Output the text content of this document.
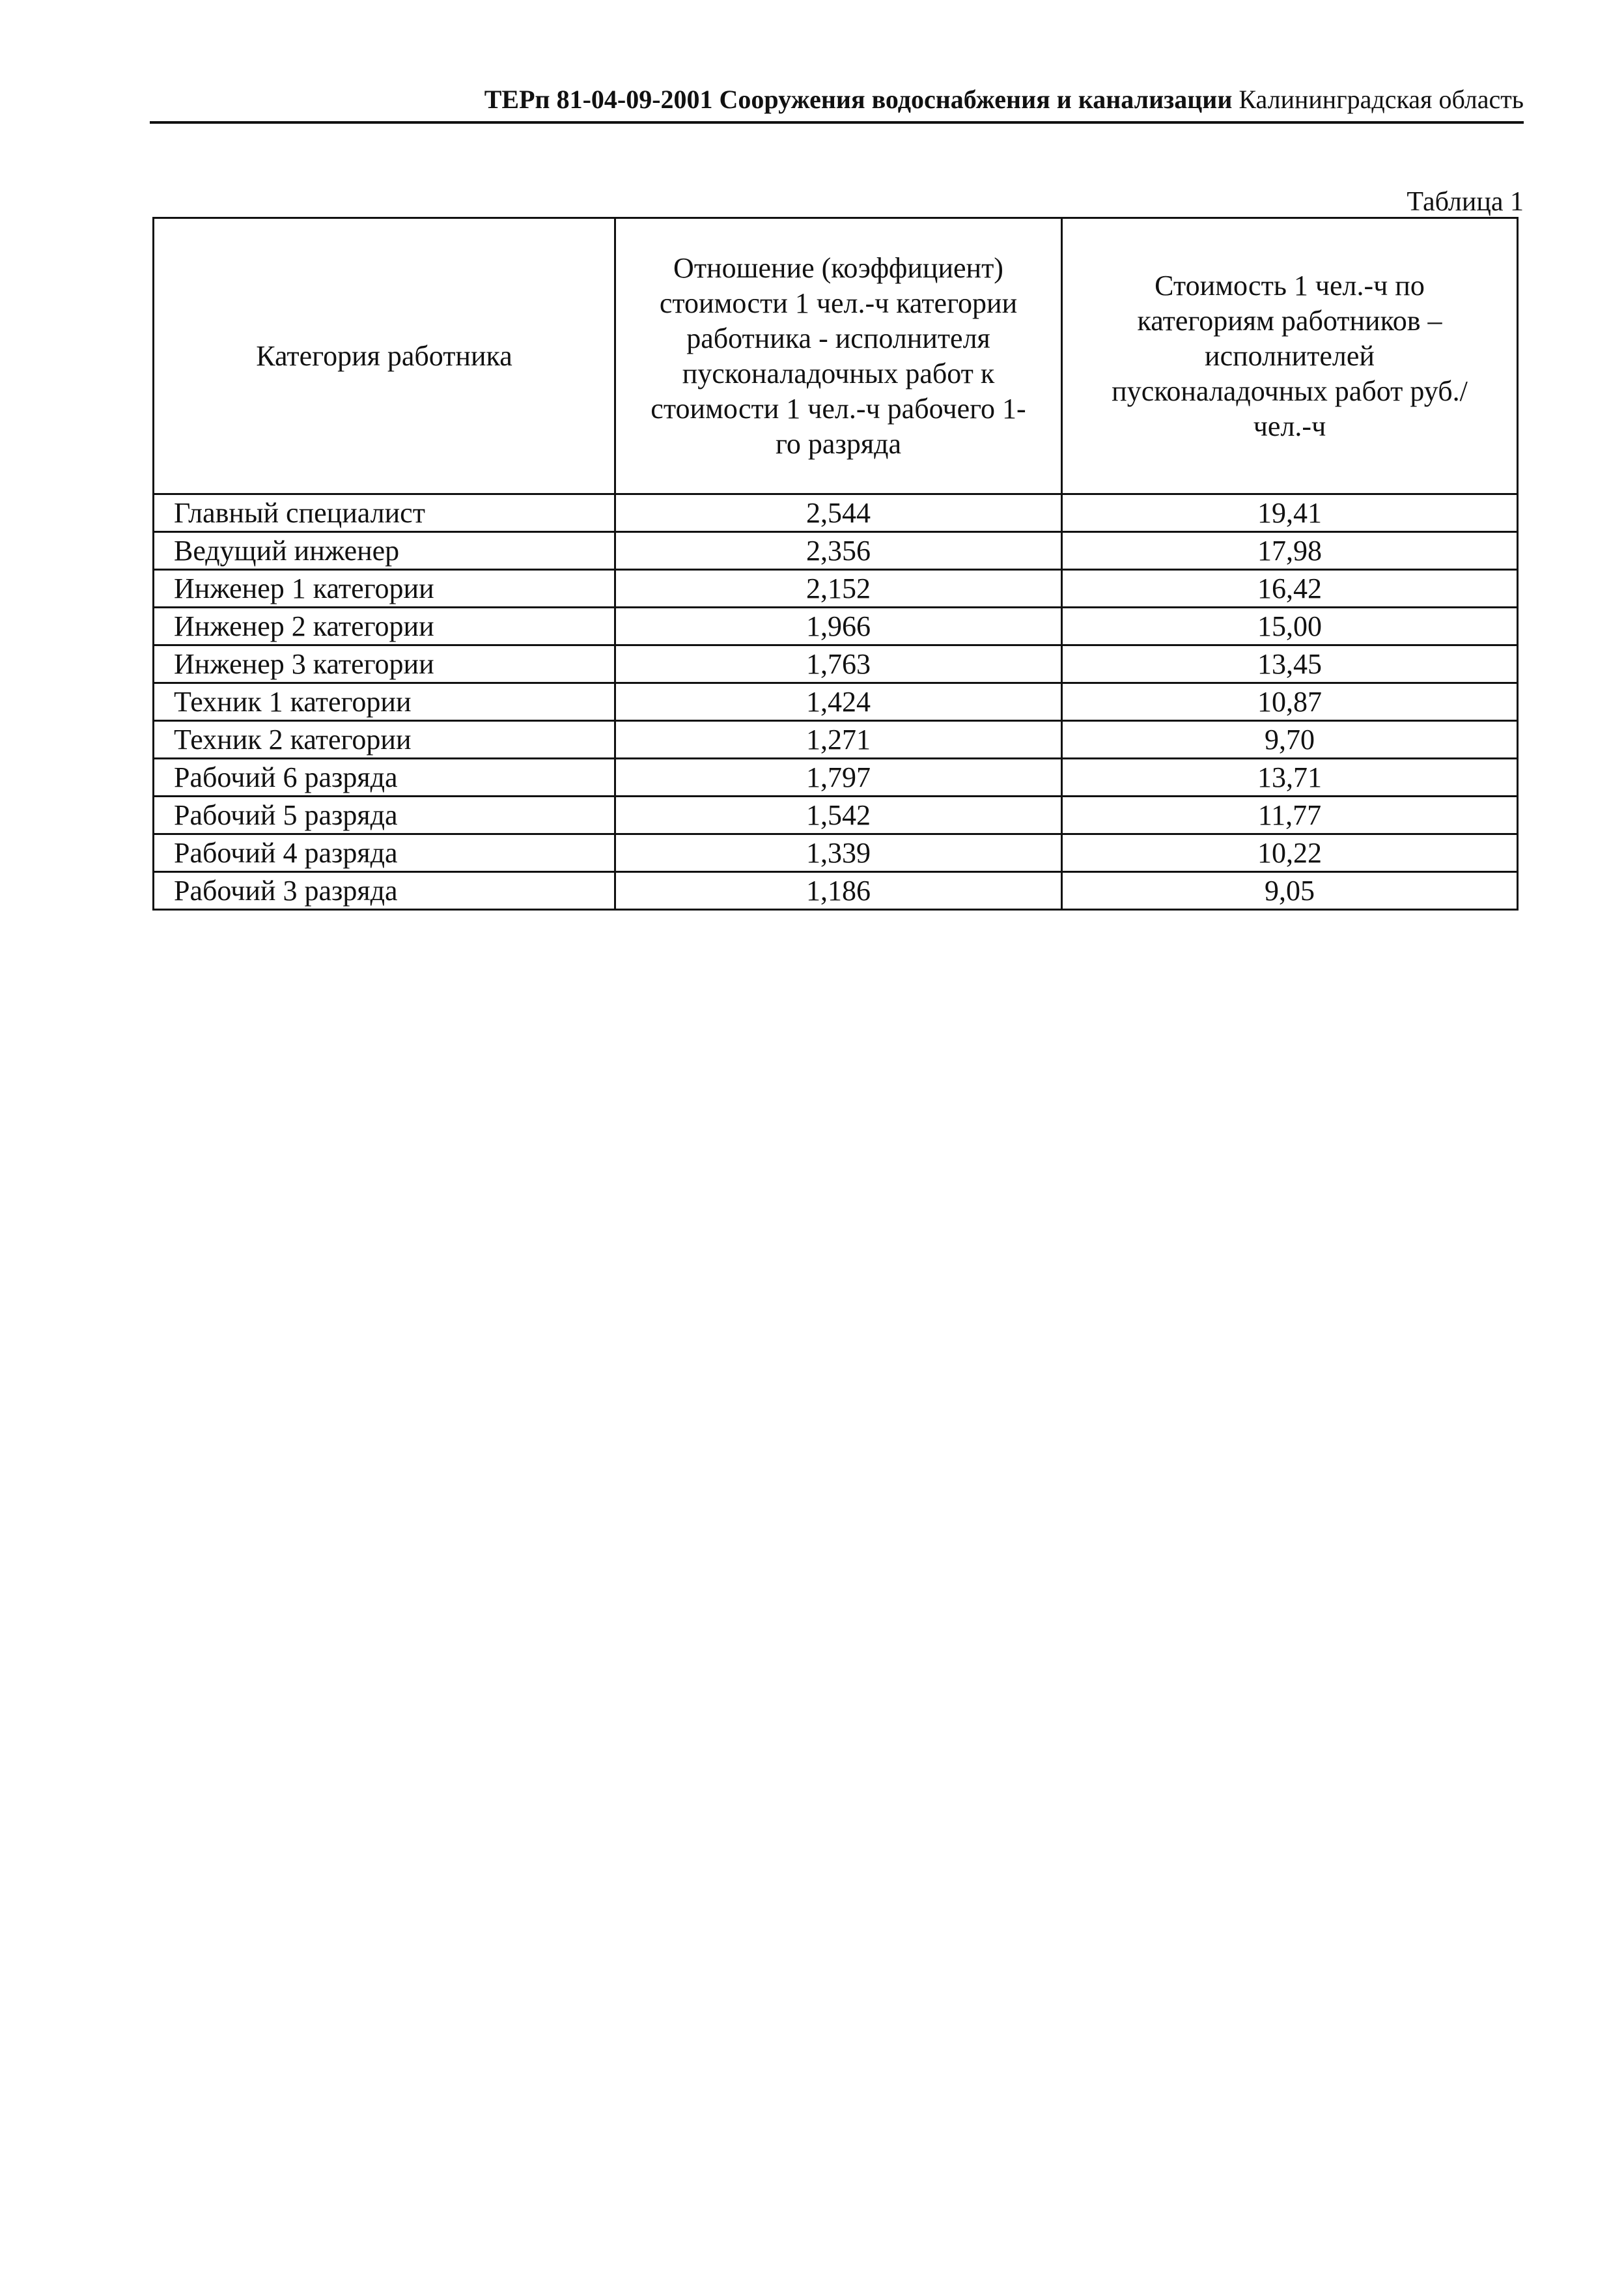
ТЕРп 81-04-09-2001 Сооружения водоснабжения и канализации Калининградская область
Таблица 1
Категория работника	Отношение (коэффициент) стоимости 1 чел.-ч категории работника - исполнителя пусконаладочных работ к стоимости 1 чел.-ч рабочего 1-го разряда	Стоимость 1 чел.-ч по категориям работников – исполнителей пусконаладочных работ руб./чел.-ч

Главный специалист	2,544	19,41
Ведущий инженер	2,356	17,98
Инженер 1 категории	2,152	16,42
Инженер 2 категории	1,966	15,00
Инженер 3 категории	1,763	13,45
Техник 1 категории	1,424	10,87
Техник 2 категории	1,271	9,70
Рабочий 6 разряда	1,797	13,71
Рабочий 5 разряда	1,542	11,77
Рабочий 4 разряда	1,339	10,22
Рабочий 3 разряда	1,186	9,05
